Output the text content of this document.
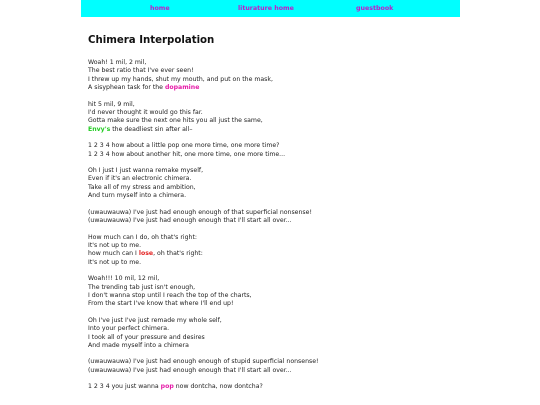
home	liturature home	guestbook
Chimera Interpolation
Woah! 1 mil, 2 mil,
The best ratio that I've ever seen!
I threw up my hands, shut my mouth, and put on the mask,
A sisyphean task for the dopamine
hit 5 mil, 9 mil,
I'd never thought it would go this far.
Gotta make sure the next one hits you all just the same,
Envy's the deadliest sin after all–
1 2 3 4 how about a little pop one more time, one more time?
1 2 3 4 how about another hit, one more time, one more time...
Oh I just I just wanna remake myself,
Even if it's an electronic chimera.
Take all of my stress and ambition,
And turn myself into a chimera.
(uwauwauwa) I've just had enough enough of that superficial nonsense!
(uwauwauwa) I've just had enough enough that I'll start all over...
How much can I do, oh that's right:
It's not up to me.
how much can I lose, oh that's right:
It's not up to me.
Woah!!! 10 mil, 12 mil,
The trending tab just isn't enough,
I don't wanna stop until I reach the top of the charts,
From the start I've know that where I'll end up!
Oh I've just I've just remade my whole self,
Into your perfect chimera.
I took all of your pressure and desires
And made myself into a chimera
(uwauwauwa) I've just had enough enough of stupid superficial nonsense!
(uwauwauwa) I've just had enough enough that I'll start all over...
1 2 3 4 you just wanna pop now dontcha, now dontcha?
